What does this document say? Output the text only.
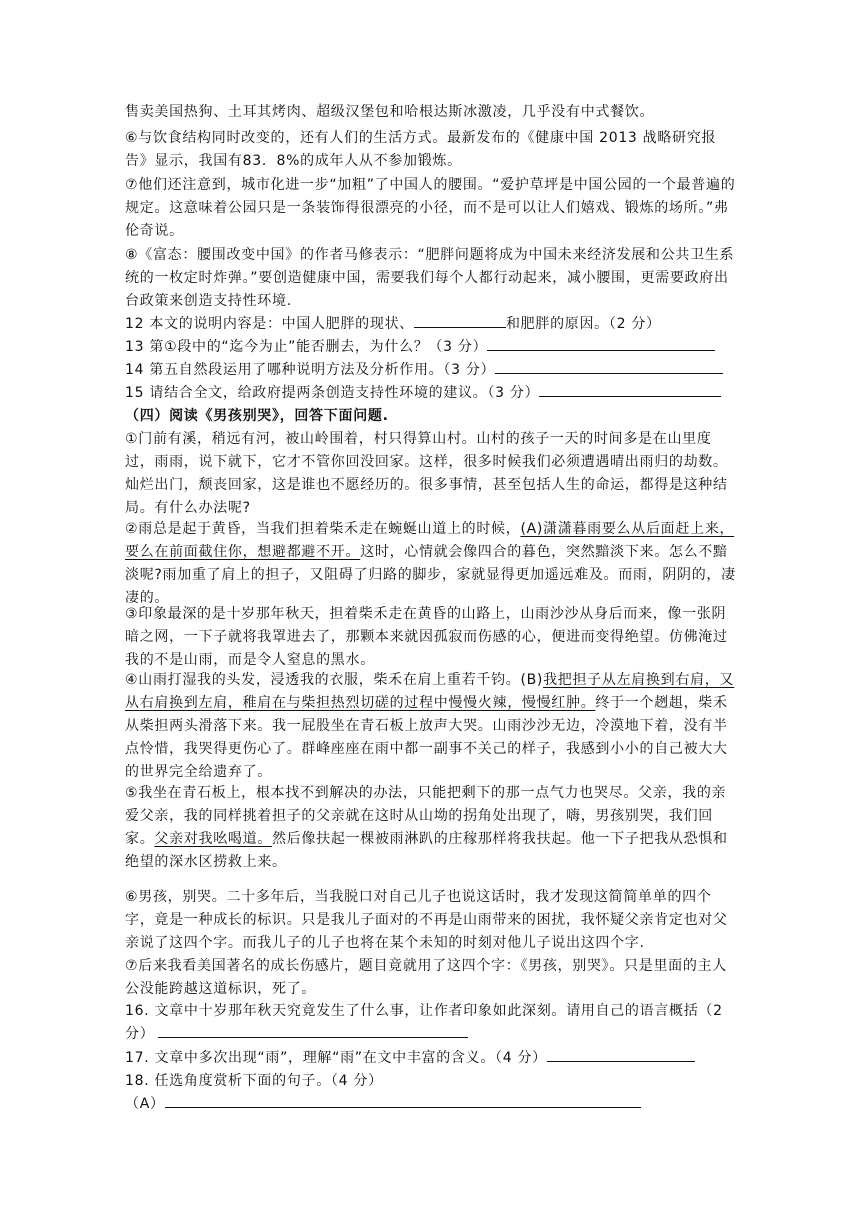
售卖美国热狗、土耳其烤肉、超级汉堡包和哈根达斯冰激凌，几乎没有中式餐饮。
⑥与饮食结构同时改变的，还有人们的生活方式。最新发布的《健康中国 2013 战略研究报告》显示，我国有83．8%的成年人从不参加锻炼。
⑦他们还注意到，城市化进一步“加粗”了中国人的腰围。“爱护草坪是中国公园的一个最普遍的规定。这意味着公园只是一条装饰得很漂亮的小径，而不是可以让人们嬉戏、锻炼的场所。”弗伦奇说。
⑧《富态：腰围改变中国》的作者马修表示：“肥胖问题将成为中国未来经济发展和公共卫生系统的一枚定时炸弹。”要创造健康中国，需要我们每个人都行动起来，减小腰围，更需要政府出台政策来创造支持性环境.
12 本文的说明内容是：中国人肥胖的现状、	和肥胖的原因。（2 分）
13 第①段中的“迄今为止”能否删去，为什么？（3 分）
14 第五自然段运用了哪种说明方法及分析作用。（3 分）
15 请结合全文，给政府提两条创造支持性环境的建议。（3 分）
（四）阅读《男孩别哭》，回答下面问题.
①门前有溪，稍远有河，被山岭围着，村只得算山村。山村的孩子一天的时间多是在山里度过，雨雨，说下就下，它才不管你回没回家。这样，很多时候我们必须遭遇晴出雨归的劫数。灿烂出门，颓丧回家，这是谁也不愿经历的。很多事情，甚至包括人生的命运，都得是这种结局。有什么办法呢?
②雨总是起于黄昏，当我们担着柴禾走在蜿蜒山道上的时候，(A)潇潇暮雨要么从后面赶上来，要么在前面截住你，想避都避不开。这时，心情就会像四合的暮色，突然黯淡下来。怎么不黯淡呢?雨加重了肩上的担子，又阻碍了归路的脚步，家就显得更加遥远难及。而雨，阴阴的，凄凄的。
③印象最深的是十岁那年秋天，担着柴禾走在黄昏的山路上，山雨沙沙从身后而来，像一张阴暗之网，一下子就将我罩进去了，那颗本来就因孤寂而伤感的心，便进而变得绝望。仿佛淹过我的不是山雨，而是令人窒息的黑水。
④山雨打湿我的头发，浸透我的衣服，柴禾在肩上重若千钧。(B)我把担子从左肩换到右肩，又从右肩换到左肩，稚肩在与柴担热烈切磋的过程中慢慢火辣，慢慢红肿。终于一个趔趄，柴禾从柴担两头滑落下来。我一屁股坐在青石板上放声大哭。山雨沙沙无边，冷漠地下着，没有半点怜惜，我哭得更伤心了。群峰座座在雨中都一副事不关己的样子，我感到小小的自己被大大的世界完全给遗弃了。
⑤我坐在青石板上，根本找不到解决的办法，只能把剩下的那一点气力也哭尽。父亲，我的亲爱父亲，我的同样挑着担子的父亲就在这时从山坳的拐角处出现了，嗨，男孩别哭，我们回家。父亲对我吆喝道。然后像扶起一棵被雨淋趴的庄稼那样将我扶起。他一下子把我从恐惧和绝望的深水区捞救上来。
⑥男孩，别哭。二十多年后，当我脱口对自己儿子也说这话时，我才发现这简简单单的四个字，竟是一种成长的标识。只是我儿子面对的不再是山雨带来的困扰，我怀疑父亲肯定也对父亲说了这四个字。而我儿子的儿子也将在某个未知的时刻对他儿子说出这四个字.
⑦后来我看美国著名的成长伤感片，题目竟就用了这四个字：《男孩，别哭》。只是里面的主人公没能跨越这道标识，死了。
16. 文章中十岁那年秋天究竟发生了什么事，让作者印象如此深刻。请用自己的语言概括（2 分）
17. 文章中多次出现“雨”，理解“雨”在文中丰富的含义。（4 分）
18. 任选角度赏析下面的句子。（4 分）
（A）
